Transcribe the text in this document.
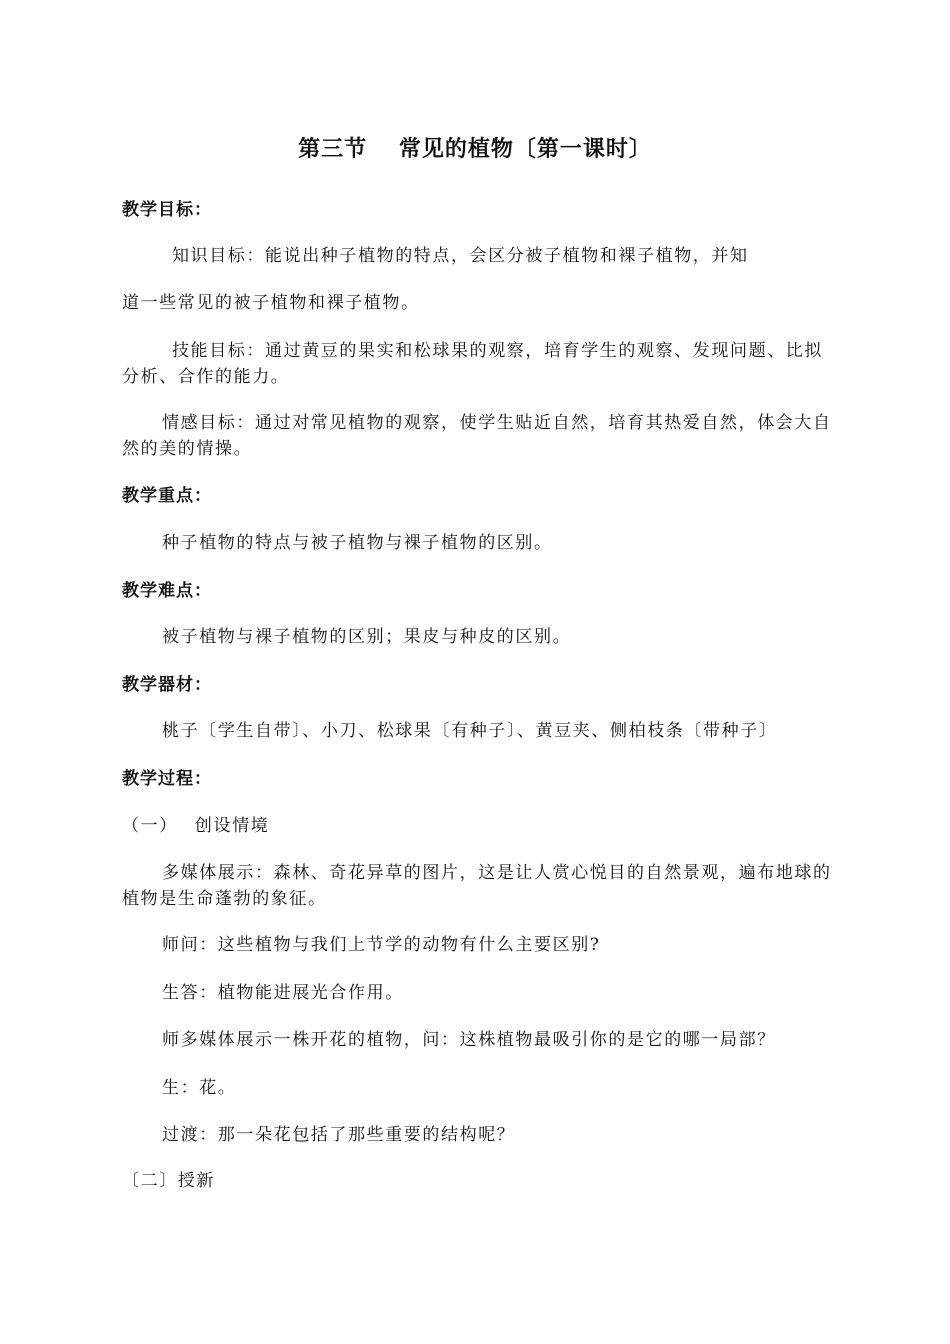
第三节　 常见的植物〔第一课时〕
教学目标：
知识目标：能说出种子植物的特点，会区分被子植物和裸子植物，并知
道一些常见的被子植物和裸子植物。
技能目标：通过黄豆的果实和松球果的观察，培育学生的观察、发现问题、比拟
分析、合作的能力。
情感目标：通过对常见植物的观察，使学生贴近自然，培育其热爱自然，体会大自
然的美的情操。
教学重点：
种子植物的特点与被子植物与裸子植物的区别。
教学难点：
被子植物与裸子植物的区别；果皮与种皮的区别。
教学器材：
桃子〔学生自带〕、小刀、松球果〔有种子〕、黄豆夹、侧柏枝条〔带种子〕
教学过程：
（一）　 创设情境
多媒体展示：森林、奇花异草的图片，这是让人赏心悦目的自然景观，遍布地球的
植物是生命蓬勃的象征。
师问：这些植物与我们上节学的动物有什么主要区别?
生答：植物能进展光合作用。
师多媒体展示一株开花的植物，问：这株植物最吸引你的是它的哪一局部？
生：花。
过渡：那一朵花包括了那些重要的结构呢？
〔二〕授新
